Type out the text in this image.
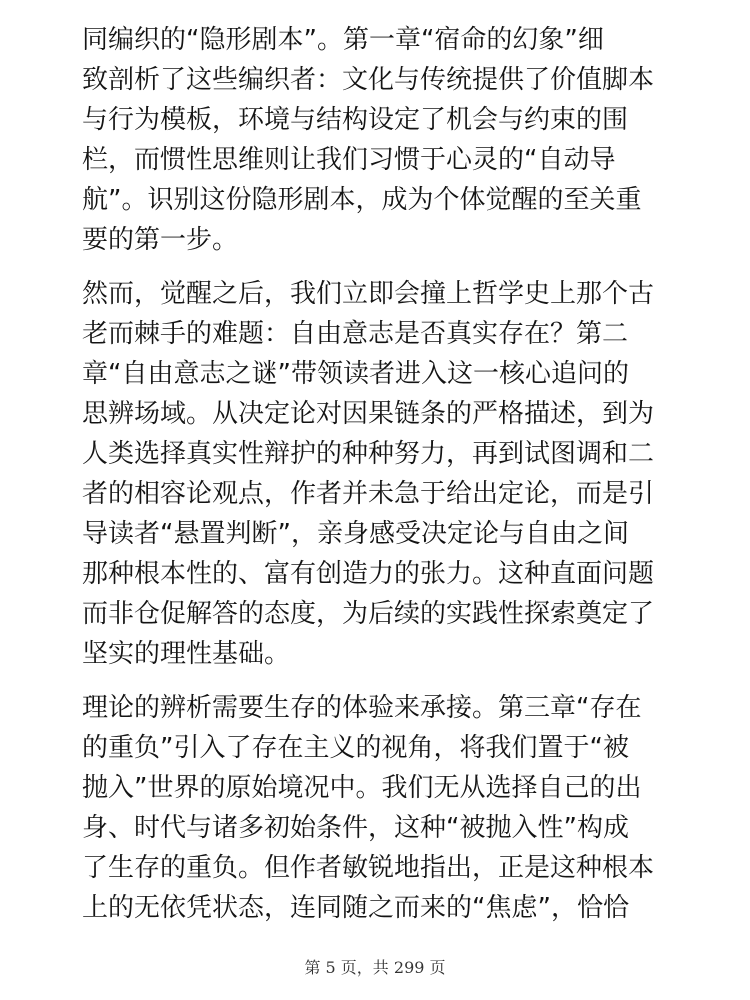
同编织的“隐形剧本”。第一章“宿命的幻象”细
致剖析了这些编织者：文化与传统提供了价值脚本
与行为模板，环境与结构设定了机会与约束的围
栏，而惯性思维则让我们习惯于心灵的“自动导
航”。识别这份隐形剧本，成为个体觉醒的至关重
要的第一步。
然而，觉醒之后，我们立即会撞上哲学史上那个古
老而棘手的难题：自由意志是否真实存在？第二
章“自由意志之谜”带领读者进入这一核心追问的
思辨场域。从决定论对因果链条的严格描述，到为
人类选择真实性辩护的种种努力，再到试图调和二
者的相容论观点，作者并未急于给出定论，而是引
导读者“悬置判断”，亲身感受决定论与自由之间
那种根本性的、富有创造力的张力。这种直面问题
而非仓促解答的态度，为后续的实践性探索奠定了
坚实的理性基础。
理论的辨析需要生存的体验来承接。第三章“存在
的重负”引入了存在主义的视角，将我们置于“被
抛入”世界的原始境况中。我们无从选择自己的出
身、时代与诸多初始条件，这种“被抛入性”构成
了生存的重负。但作者敏锐地指出，正是这种根本
上的无依凭状态，连同随之而来的“焦虑”，恰恰
第 5 页，共 299 页
